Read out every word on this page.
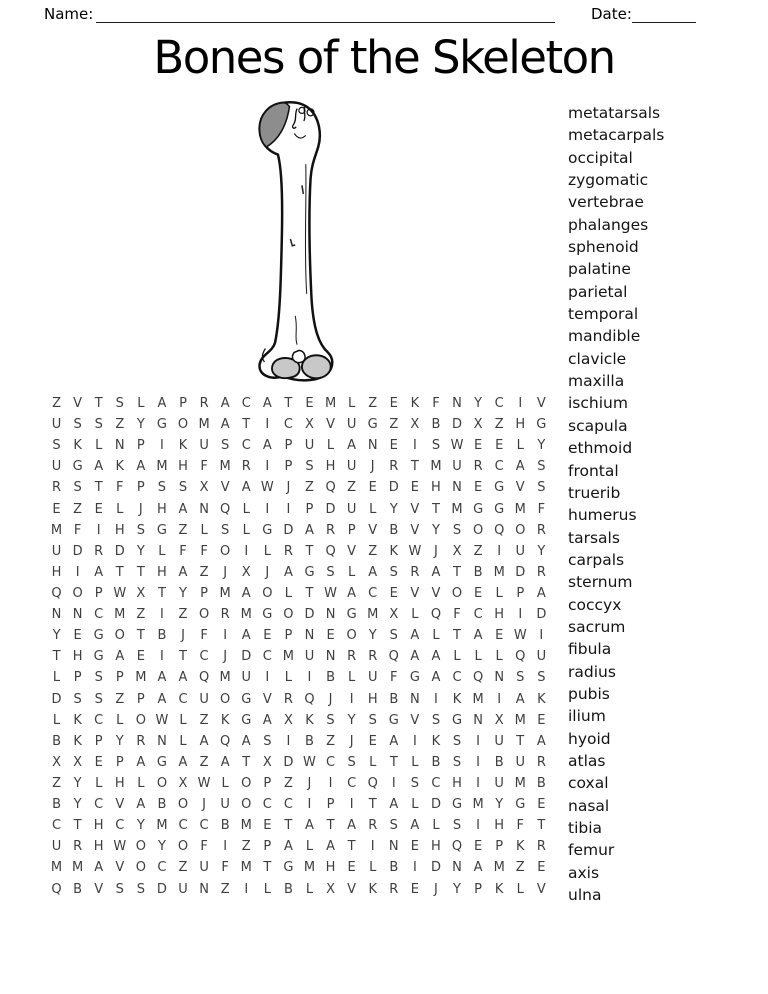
Name:	Date:
Bones of the Skeleton
metatarsals
metacarpals
occipital
zygomatic
vertebrae
phalanges
sphenoid
palatine
parietal
temporal
mandible
clavicle
maxilla
ischium
scapula
ethmoid
frontal
truerib
humerus
tarsals
carpals
sternum
coccyx
sacrum
fibula
radius
pubis
ilium
hyoid
atlas
coxal
nasal
tibia
femur
axis
ulna
Z V T S	L	A P R A C A T E M L	Z E K	F N Y C	I	V
U S S Z Y G O M A T	I	C X V U G Z X B D X Z H G
S K	L N P	I	K U S C A P U L	A N E	I	S W E E	L	Y
U G A K A M H F M R	I	P	S H U	J	R T M U R C A S
R S T	F	P	S S X V A W J	Z Q Z E D E H N E G V S
E Z E	L	J	H A N Q L	I	I	P D U L	Y V T M G G M F
M F	I	H S G Z	L	S	L G D A R P V B V Y S O Q O R
U D R D Y	L	F	F O	I	L R T Q V Z K W J	X Z	I	U Y
H	I	A T	T H A Z	J	X	J	A G S	L	A S R A T B M D R
Q O P W X T	Y	P M A O L	T W A C E V V O E	L	P A
N N C M Z	I	Z O R M G O D N G M X	L Q F C H	I	D
Y E G O T B	J	F	I	A E	P N E O Y S A	L	T A E W I
T H G A E	I	T C	J	D C M U N R R Q A A	L	L	L Q U
L	P	S	P M A A Q M U	I	L	I	B L U F G A C Q N S S
D S S Z P A C U O G V R Q	J	I	H B N	I	K M	I	A K
L	K C L O W L	Z K G A X K S Y S G V S G N X M E
B K P	Y R N L	A Q A S	I	B Z	J	E A	I	K S	I	U T A
X X E	P A G A Z A T X D W C S	L	T	L	B S	I	B U R
Z Y	L H L O X W L O P Z	J	I	C Q	I	S C H	I	U M B
B Y C V A B O	J	U O C C	I	P	I	T A	L D G M Y G E
C T H C Y M C C B M E	T A T A R S A	L	S	I	H F	T
U R H W O Y O F	I	Z P A	L	A T	I	N E H Q E	P K R
M M A V O C Z U F M T G M H E	L	B	I	D N A M Z E
Q B V S S D U N Z	I	L	B L	X V K R E	J	Y	P K	L	V
